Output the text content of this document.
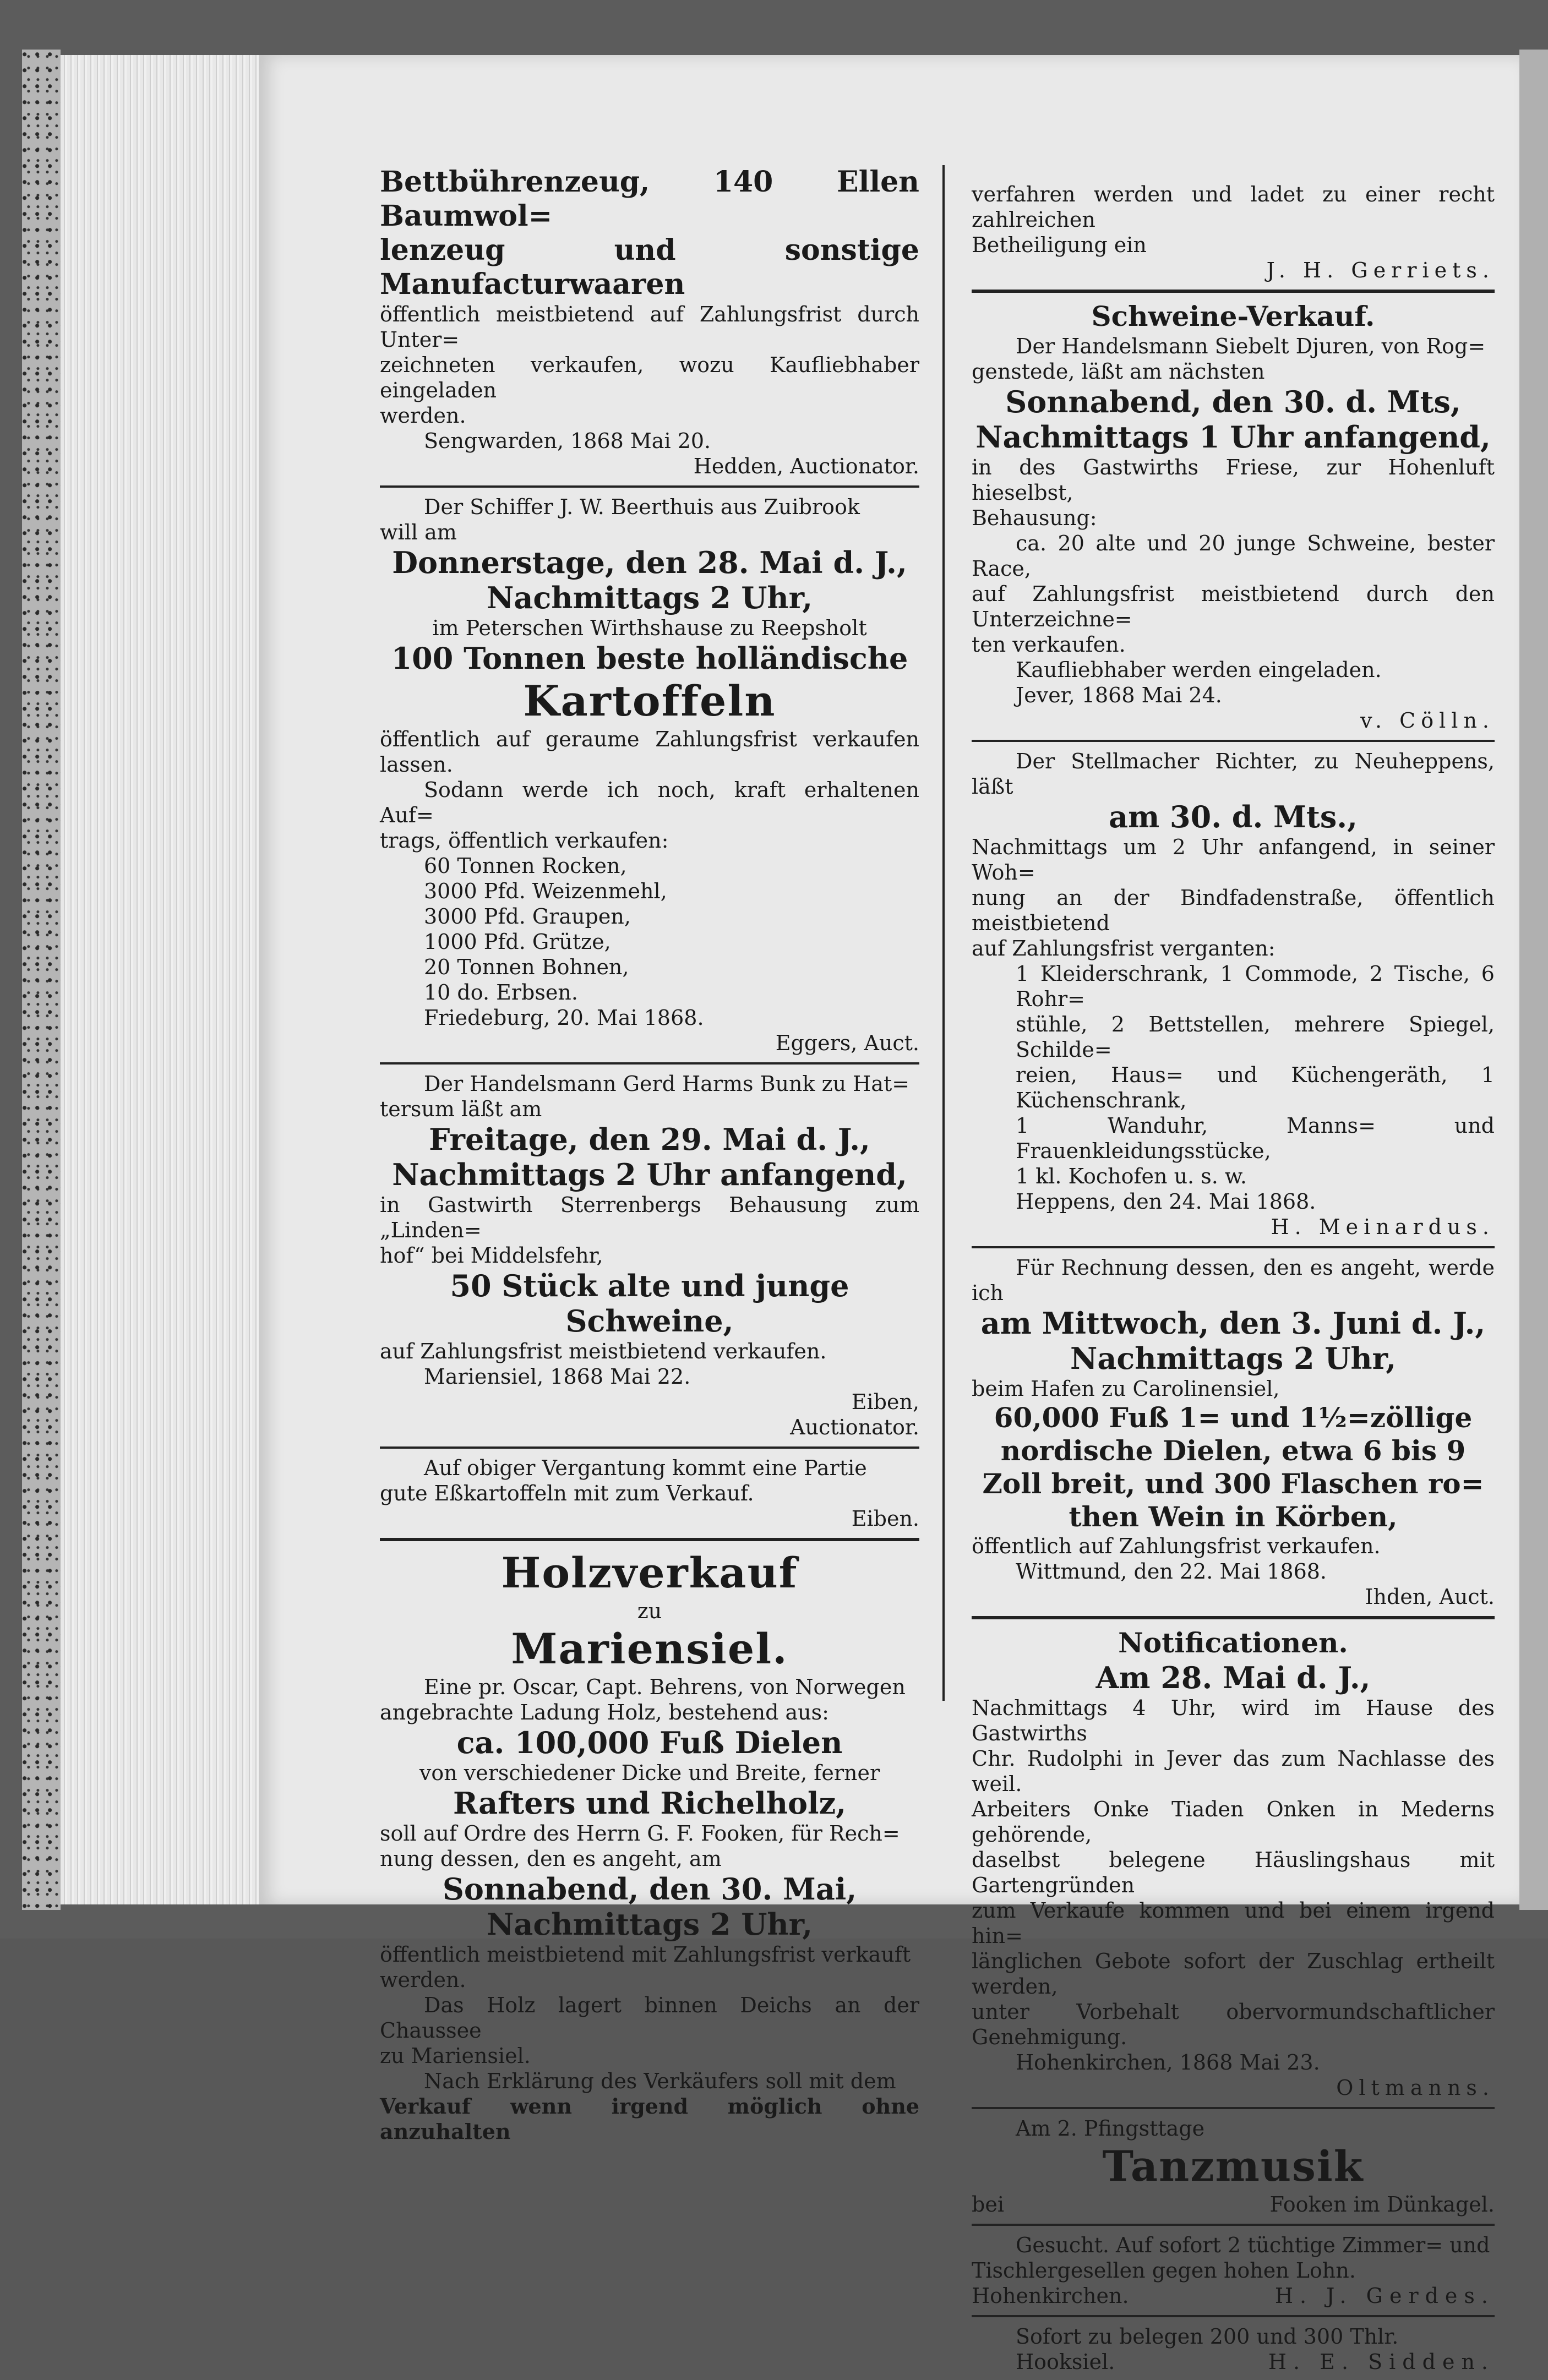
Bettbührenzeug, 140 Ellen Baumwol=

lenzeug und sonstige Manufacturwaaren

öffentlich meistbietend auf Zahlungsfrist durch Unter=

zeichneten verkaufen, wozu Kaufliebhaber eingeladen

werden.

Sengwarden, 1868 Mai 20.

Hedden, Auctionator.

Der Schiffer J. W. Beerthuis aus Zuibrook

will am

Donnerstage, den 28. Mai d. J.,

Nachmittags 2 Uhr,

im Peterschen Wirthshause zu Reepsholt

100 Tonnen beste holländische

Kartoffeln

öffentlich auf geraume Zahlungsfrist verkaufen lassen.

Sodann werde ich noch, kraft erhaltenen Auf=

trags, öffentlich verkaufen:

60 Tonnen Rocken,

3000 Pfd. Weizenmehl,

3000 Pfd. Graupen,

1000 Pfd. Grütze,

20 Tonnen Bohnen,

10 do. Erbsen.

Friedeburg, 20. Mai 1868.

Eggers, Auct.

Der Handelsmann Gerd Harms Bunk zu Hat=

tersum läßt am

Freitage, den 29. Mai d. J.,

Nachmittags 2 Uhr anfangend,

in Gastwirth Sterrenbergs Behausung zum „Linden=

hof“ bei Middelsfehr,

50 Stück alte und junge Schweine,

auf Zahlungsfrist meistbietend verkaufen.

Mariensiel, 1868 Mai 22.

Eiben,

Auctionator.

Auf obiger Vergantung kommt eine Partie

gute Eßkartoffeln mit zum Verkauf.

Eiben.

Holzverkauf

zu

Mariensiel.

Eine pr. Oscar, Capt. Behrens, von Norwegen

angebrachte Ladung Holz, bestehend aus:

ca. 100,000 Fuß Dielen

von verschiedener Dicke und Breite, ferner

Rafters und Richelholz,

soll auf Ordre des Herrn G. F. Fooken, für Rech=

nung dessen, den es angeht, am

Sonnabend, den 30. Mai,

Nachmittags 2 Uhr,

öffentlich meistbietend mit Zahlungsfrist verkauft

werden.

Das Holz lagert binnen Deichs an der Chaussee

zu Mariensiel.

Nach Erklärung des Verkäufers soll mit dem

Verkauf wenn irgend möglich ohne anzuhalten

verfahren werden und ladet zu einer recht zahlreichen

Betheiligung ein

J. H. Gerriets.

Schweine-Verkauf.

Der Handelsmann Siebelt Djuren, von Rog=

genstede, läßt am nächsten

Sonnabend, den 30. d. Mts,

Nachmittags 1 Uhr anfangend,

in des Gastwirths Friese, zur Hohenluft hieselbst,

Behausung:

ca. 20 alte und 20 junge Schweine, bester Race,

auf Zahlungsfrist meistbietend durch den Unterzeichne=

ten verkaufen.

Kaufliebhaber werden eingeladen.

Jever, 1868 Mai 24.

v. Cölln.

Der Stellmacher Richter, zu Neuheppens, läßt

am 30. d. Mts.,

Nachmittags um 2 Uhr anfangend, in seiner Woh=

nung an der Bindfadenstraße, öffentlich meistbietend

auf Zahlungsfrist verganten:

1 Kleiderschrank, 1 Commode, 2 Tische, 6 Rohr=

stühle, 2 Bettstellen, mehrere Spiegel, Schilde=

reien, Haus= und Küchengeräth, 1 Küchenschrank,

1 Wanduhr, Manns= und Frauenkleidungsstücke,

1 kl. Kochofen u. s. w.

Heppens, den 24. Mai 1868.

H. Meinardus.

Für Rechnung dessen, den es angeht, werde ich

am Mittwoch, den 3. Juni d. J.,

Nachmittags 2 Uhr,

beim Hafen zu Carolinensiel,

60,000 Fuß 1= und 1½=zöllige

nordische Dielen, etwa 6 bis 9

Zoll breit, und 300 Flaschen ro=

then Wein in Körben,

öffentlich auf Zahlungsfrist verkaufen.

Wittmund, den 22. Mai 1868.

Ihden, Auct.

Notificationen.

Am 28. Mai d. J.,

Nachmittags 4 Uhr, wird im Hause des Gastwirths

Chr. Rudolphi in Jever das zum Nachlasse des weil.

Arbeiters Onke Tiaden Onken in Mederns gehörende,

daselbst belegene Häuslingshaus mit Gartengründen

zum Verkaufe kommen und bei einem irgend hin=

länglichen Gebote sofort der Zuschlag ertheilt werden,

unter Vorbehalt obervormundschaftlicher Genehmigung.

Hohenkirchen, 1868 Mai 23.

Oltmanns.

Am 2. Pfingsttage

Tanzmusik

bei	Fooken im Dünkagel.

Gesucht. Auf sofort 2 tüchtige Zimmer= und

Tischlergesellen gegen hohen Lohn.

Hohenkirchen.	H. J. Gerdes.

Sofort zu belegen 200 und 300 Thlr.

Hooksiel.	H. E. Sidden.
